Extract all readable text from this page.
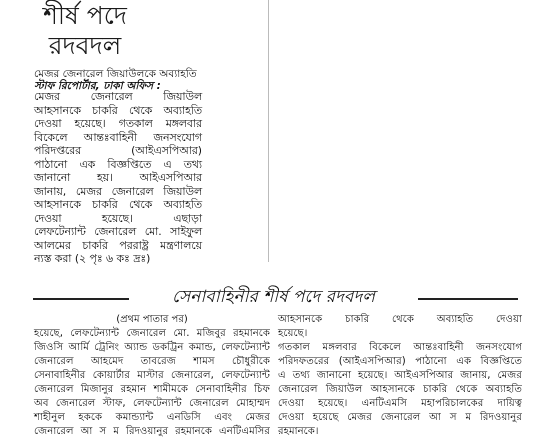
শীর্ষ পদে
রদবদল
মেজর জেনারেল জিয়াউলকে অব্যাহতি
স্টাফ রিপোর্টার, ঢাকা অফিস :
মেজর জেনারেল জিয়াউল
আহসানকে চাকরি থেকে অব্যাহতি
দেওয়া হয়েছে। গতকাল মঙ্গলবার
বিকেলে আন্তঃবাহিনী জনসংযোগ
পরিদপ্তরের (আইএসপিআর)
পাঠানো এক বিজ্ঞপ্তিতে এ তথ্য
জানানো হয়। আইএসপিআর
জানায়, মেজর জেনারেল জিয়াউল
আহসানকে চাকরি থেকে অব্যাহতি
দেওয়া হয়েছে। এছাড়া
লেফটেন্যান্ট জেনারেল মো. সাইফুল
আলমের চাকরি পররাষ্ট্র মন্ত্রণালয়ে
ন্যস্ত করা (২ পৃঃ ৬ কঃ দ্রঃ)
সেনাবাহিনীর শীর্ষ পদে রদবদল
(প্রথম পাতার পর)
হয়েছে, লেফটেন্যান্ট জেনারেল মো. মজিবুর রহমানকে
জিওসি আর্মি ট্রেনিং অ্যান্ড ডকট্রিন কমান্ড, লেফটেন্যান্ট
জেনারেল আহমেদ তাবরেজ শামস চৌধুরীকে
সেনাবাহিনীর কোয়ার্টার মাস্টার জেনারেল, লেফটেন্যান্ট
জেনারেল মিজানুর রহমান শামীমকে সেনাবাহিনীর চিফ
অব জেনারেল স্টাফ, লেফটেন্যান্ট জেনারেল মোহাম্মদ
শাহীনুল হককে কমান্ড্যান্ট এনডিসি এবং মেজর
জেনারেল আ স ম রিদওয়ানুর রহমানকে এনটিএমসির
আহসানকে চাকরি থেকে অব্যাহতি দেওয়া
হয়েছে।
গতকাল মঙ্গলবার বিকেলে আন্তঃবাহিনী জনসংযোগ
পরিদফতরের (আইএসপিআর) পাঠানো এক বিজ্ঞপ্তিতে
এ তথ্য জানানো হয়েছে। আইএসপিআর জানায়, মেজর
জেনারেল জিয়াউল আহসানকে চাকরি থেকে অব্যাহতি
দেওয়া হয়েছে। এনটিএমসি মহাপরিচালকের দায়িত্ব
দেওয়া হয়েছে মেজর জেনারেল আ স ম রিদওয়ানুর
রহমানকে।
